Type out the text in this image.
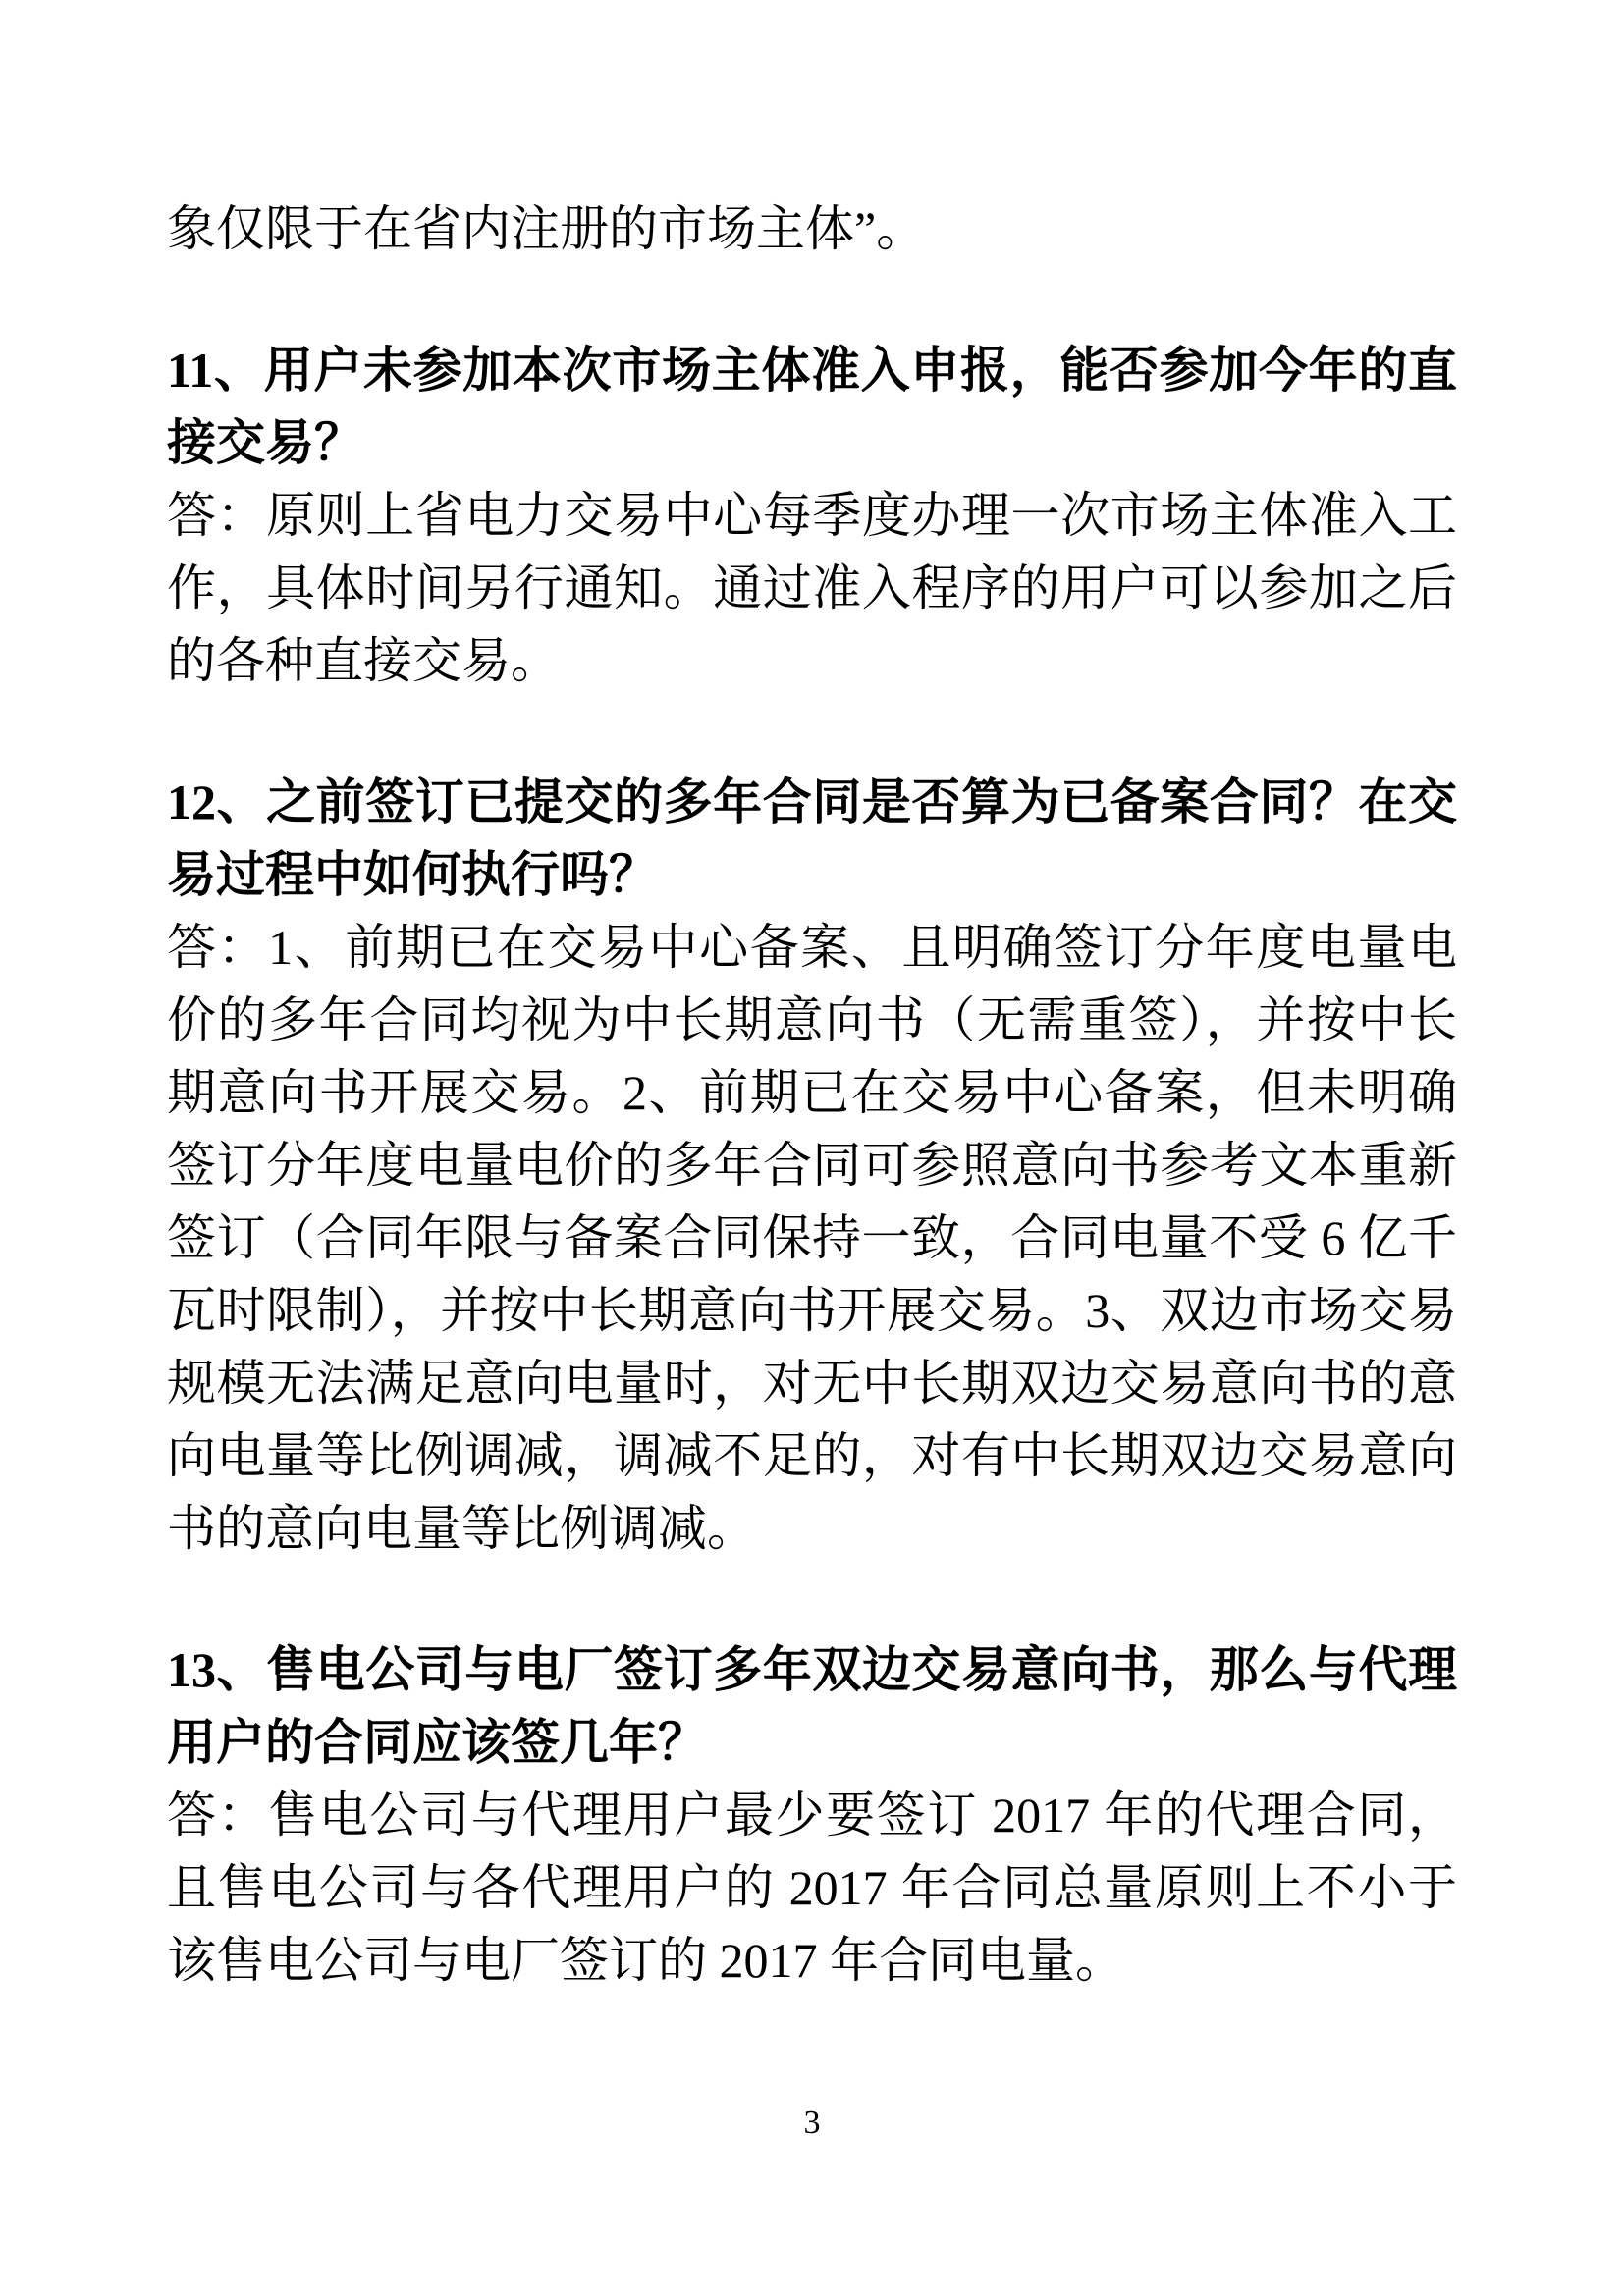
象仅限于在省内注册的市场主体”。

11、用户未参加本次市场主体准入申报，能否参加今年的直接交易？

答：原则上省电力交易中心每季度办理一次市场主体准入工作，具体时间另行通知。通过准入程序的用户可以参加之后的各种直接交易。

12、之前签订已提交的多年合同是否算为已备案合同？在交易过程中如何执行吗？

答：1、前期已在交易中心备案、且明确签订分年度电量电价的多年合同均视为中长期意向书（无需重签），并按中长期意向书开展交易。2、前期已在交易中心备案，但未明确签订分年度电量电价的多年合同可参照意向书参考文本重新签订（合同年限与备案合同保持一致，合同电量不受 6 亿千瓦时限制），并按中长期意向书开展交易。3、双边市场交易规模无法满足意向电量时，对无中长期双边交易意向书的意向电量等比例调减，调减不足的，对有中长期双边交易意向书的意向电量等比例调减。

13、售电公司与电厂签订多年双边交易意向书，那么与代理用户的合同应该签几年？

答：售电公司与代理用户最少要签订 2017 年的代理合同，且售电公司与各代理用户的 2017 年合同总量原则上不小于该售电公司与电厂签订的 2017 年合同电量。

3
